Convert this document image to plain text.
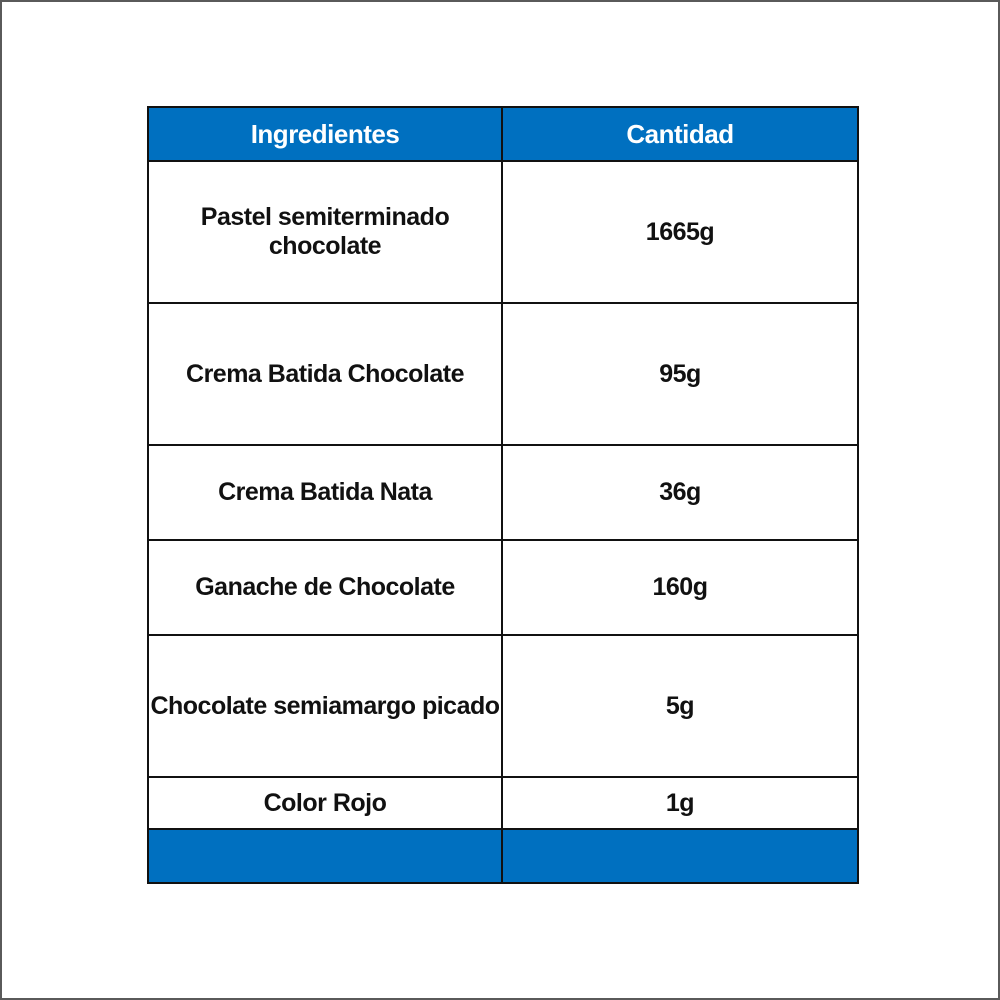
Ingredientes	Cantidad
Pastel semiterminado chocolate	1665g
Crema Batida Chocolate	95g
Crema Batida Nata	36g
Ganache de Chocolate	160g
Chocolate semiamargo picado	5g
Color Rojo	1g
